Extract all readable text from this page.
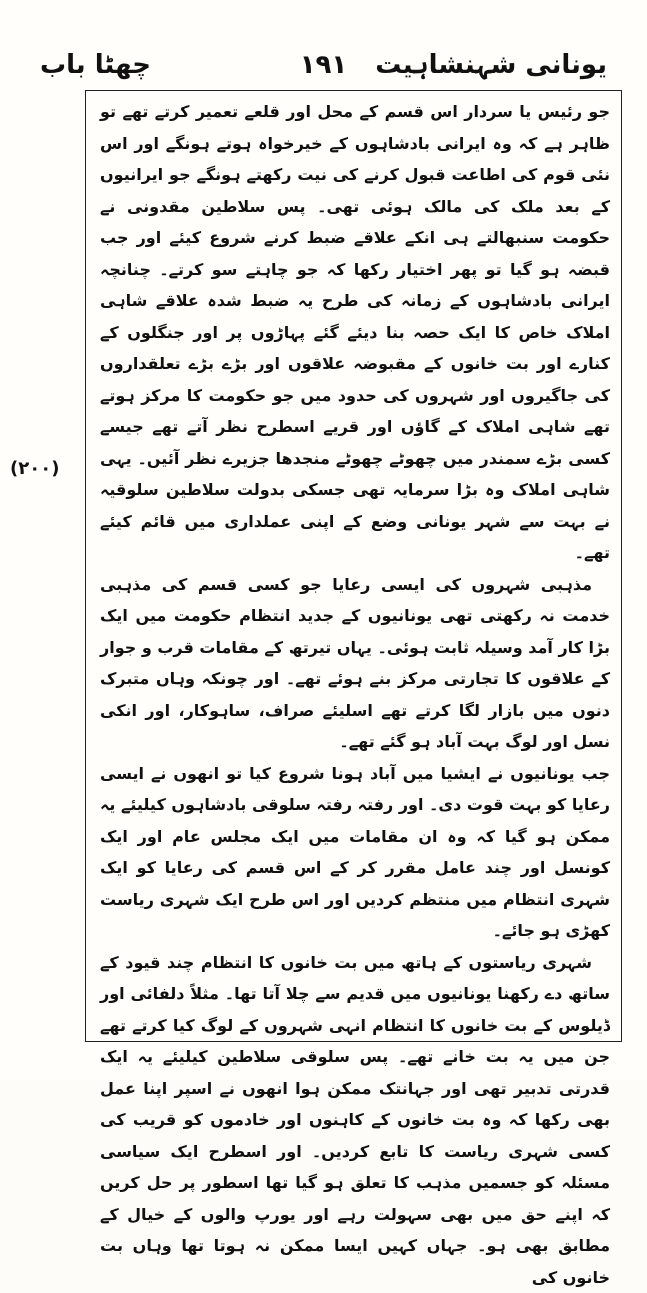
چھٹا باب	١٩١	یونانی شہنشاہیت
(٢٠٠)

جو رئیس یا سردار اس قسم کے محل اور قلعے تعمیر کرتے تھے تو ظاہر ہے کہ وہ ایرانی بادشاہوں کے خیرخواہ ہوتے ہونگے اور اس نئی قوم کی اطاعت قبول کرنے کی نیت رکھتے ہونگے جو ایرانیوں کے بعد ملک کی مالک ہوئی تھی۔ پس سلاطین مقدونی نے حکومت سنبھالتے ہی انکے علاقے ضبط کرنے شروع کیئے اور جب قبضہ ہو گیا تو پھر اختیار رکھا کہ جو چاہتے سو کرتے۔ چنانچہ ایرانی بادشاہوں کے زمانہ کی طرح یہ ضبط شدہ علاقے شاہی املاک خاص کا ایک حصہ بنا دیئے گئے پہاڑوں پر اور جنگلوں کے کنارے اور بت خانوں کے مقبوضہ علاقوں اور بڑے بڑے تعلقداروں کی جاگیروں اور شہروں کی حدود میں جو حکومت کا مرکز ہوتے تھے شاہی املاک کے گاؤں اور قریے اسطرح نظر آتے تھے جیسے کسی بڑے سمندر میں چھوٹے چھوٹے منجدھا جزیرے نظر آئیں۔ یہی شاہی املاک وہ بڑا سرمایہ تھی جسکی بدولت سلاطین سلوقیہ نے بہت سے شہر یونانی وضع کے اپنی عملداری میں قائم کیئے تھے۔

مذہبی شہروں کی ایسی رعایا جو کسی قسم کی مذہبی خدمت نہ رکھتی تھی یونانیوں کے جدید انتظام حکومت میں ایک بڑا کار آمد وسیلہ ثابت ہوئی۔ یہاں تیرتھ کے مقامات قرب و جوار کے علاقوں کا تجارتی مرکز بنے ہوئے تھے۔ اور چونکہ وہاں متبرک دنوں میں بازار لگا کرتے تھے اسلیئے صراف، ساہوکار، اور انکی نسل اور لوگ بہت آباد ہو گئے تھے۔

جب یونانیوں نے ایشیا میں آباد ہونا شروع کیا تو انھوں نے ایسی رعایا کو بہت قوت دی۔ اور رفتہ رفتہ سلوقی بادشاہوں کیلیئے یہ ممکن ہو گیا کہ وہ ان مقامات میں ایک مجلس عام اور ایک کونسل اور چند عامل مقرر کر کے اس قسم کی رعایا کو ایک شہری انتظام میں منتظم کردیں اور اس طرح ایک شہری ریاست کھڑی ہو جائے۔

شہری ریاستوں کے ہاتھ میں بت خانوں کا انتظام چند قیود کے ساتھ دے رکھنا یونانیوں میں قدیم سے چلا آتا تھا۔ مثلاً دلفائی اور ڈیلوس کے بت خانوں کا انتظام انہی شہروں کے لوگ کیا کرتے تھے جن میں یہ بت خانے تھے۔ پس سلوقی سلاطین کیلیئے یہ ایک قدرتی تدبیر تھی اور جہانتک ممکن ہوا انھوں نے اسپر اپنا عمل بھی رکھا کہ وہ بت خانوں کے کاہنوں اور خادموں کو قریب کی کسی شہری ریاست کا تابع کردیں۔ اور اسطرح ایک سیاسی مسئلہ کو جسمیں مذہب کا تعلق ہو گیا تھا اسطور پر حل کریں کہ اپنے حق میں بھی سہولت رہے اور یورپ والوں کے خیال کے مطابق بھی ہو۔ جہاں کہیں ایسا ممکن نہ ہوتا تھا وہاں بت خانوں کی
